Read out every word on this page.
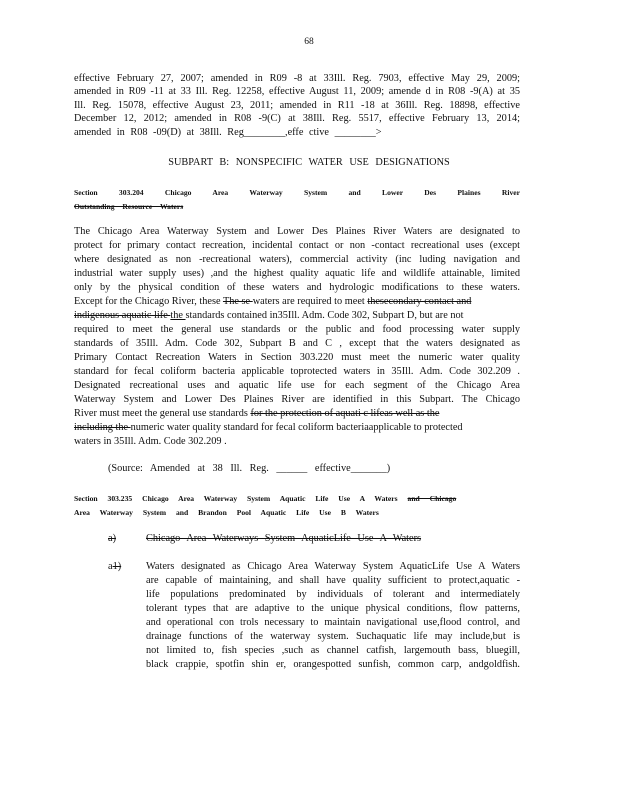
68
effective February 27, 2007; amended in R09 -8 at 33Ill. Reg. 7903, effective May 29, 2009;
amended in R09 -11 at 33 Ill. Reg. 12258, effective August 11, 2009; amende d in R08 -9(A) at 35
Ill. Reg. 15078, effective August 23, 2011; amended in R11 -18 at 36Ill. Reg. 18898, effective
December 12, 2012; amended in R08 -9(C) at 38Ill. Reg. 5517, effective February 13, 2014;
amended in R08 -09(D) at 38Ill. Reg________,effe ctive ________>
SUBPART B: NONSPECIFIC WATER USE DESIGNATIONS
Section 303.204 Chicago Area Waterway System and Lower Des Plaines River
Outstanding Resource Waters
The Chicago Area Waterway System and Lower Des Plaines River Waters are designated to
protect for primary contact recreation, incidental contact or non -contact recreational uses (except
where designated as non -recreational waters), commercial activity (inc luding navigation and
industrial water supply uses) ,and the highest quality aquatic life and wildlife attainable, limited
only by the physical condition of these waters and hydrologic modifications to these waters.
Except for the Chicago River, these The se waters are required to meet thesecondary contact and
indigenous aquatic life the standards contained in35Ill. Adm. Code 302, Subpart D, but are not
required to meet the general use standards or the public and food processing water supply
standards of 35Ill. Adm. Code 302, Subpart B and C , except that the waters designated as
Primary Contact Recreation Waters in Section 303.220 must meet the numeric water quality
standard for fecal coliform bacteria applicable toprotected waters in 35Ill. Adm. Code 302.209 .
Designated recreational uses and aquatic life use for each segment of the Chicago Area
Waterway System and Lower Des Plaines River are identified in this Subpart. The Chicago
River must meet the general use standards for the protection of aquati c lifeas well as the
including the numeric water quality standard for fecal coliform bacteriaapplicable to protected
waters in 35Ill. Adm. Code 302.209 .
(Source: Amended at 38 Ill. Reg. ______ effective_______)
Section 303.235 Chicago Area Waterway System Aquatic Life Use A Waters and Chicago
Area Waterway System and Brandon Pool Aquatic Life Use B Waters
a)	Chicago Area Waterways System AquaticLife Use A Waters
a1) Waters designated as Chicago Area Waterway System AquaticLife Use A Waters
are capable of maintaining, and shall have quality sufficient to protect,aquatic -
life populations predominated by individuals of tolerant and intermediately
tolerant types that are adaptive to the unique physical conditions, flow patterns,
and operational con trols necessary to maintain navigational use,flood control, and
drainage functions of the waterway system. Suchaquatic life may include,but is
not limited to, fish species ,such as channel catfish, largemouth bass, bluegill,
black crappie, spotfin shin er, orangespotted sunfish, common carp, andgoldfish.
